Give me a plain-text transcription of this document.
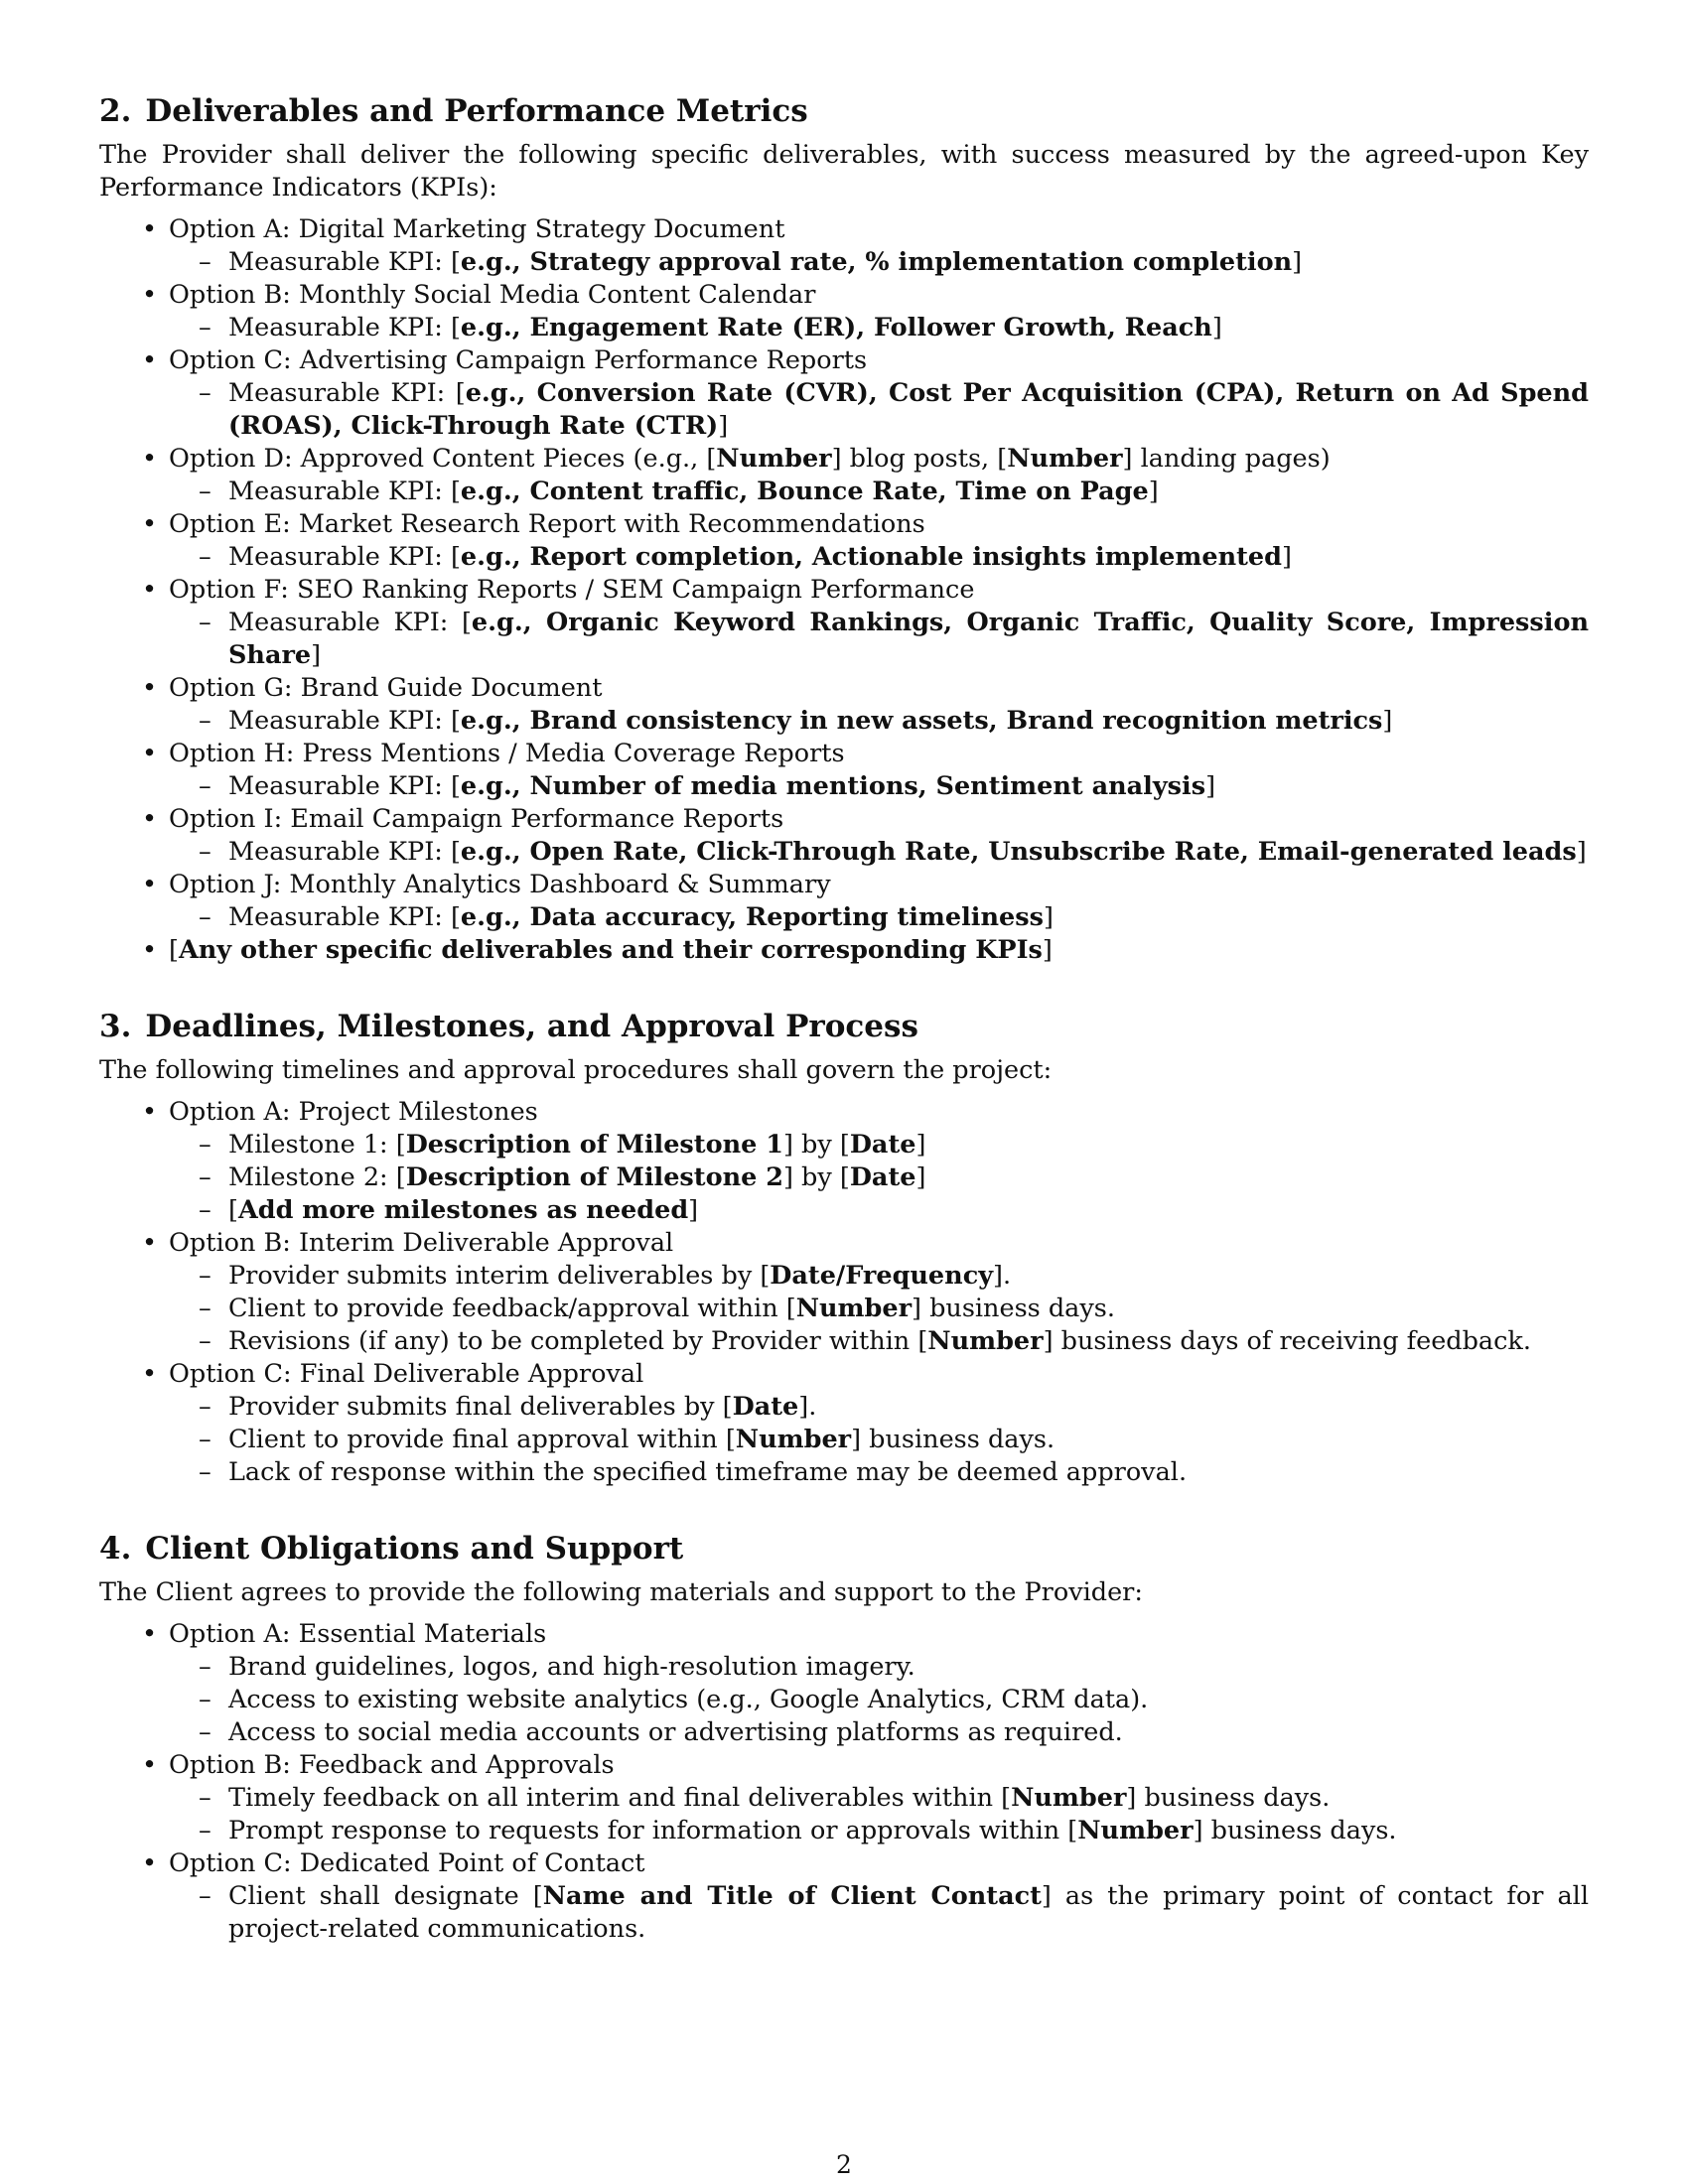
2. Deliverables and Performance Metrics

The Provider shall deliver the following specific deliverables, with success measured by the agreed-upon Key Performance Indicators (KPIs):

• Option A: Digital Marketing Strategy Document
– Measurable KPI: [e.g., Strategy approval rate, % implementation completion]
• Option B: Monthly Social Media Content Calendar
– Measurable KPI: [e.g., Engagement Rate (ER), Follower Growth, Reach]
• Option C: Advertising Campaign Performance Reports
– Measurable KPI: [e.g., Conversion Rate (CVR), Cost Per Acquisition (CPA), Return on Ad Spend (ROAS), Click-Through Rate (CTR)]
• Option D: Approved Content Pieces (e.g., [Number] blog posts, [Number] landing pages)
– Measurable KPI: [e.g., Content traffic, Bounce Rate, Time on Page]
• Option E: Market Research Report with Recommendations
– Measurable KPI: [e.g., Report completion, Actionable insights implemented]
• Option F: SEO Ranking Reports / SEM Campaign Performance
– Measurable KPI: [e.g., Organic Keyword Rankings, Organic Traffic, Quality Score, Impression Share]
• Option G: Brand Guide Document
– Measurable KPI: [e.g., Brand consistency in new assets, Brand recognition metrics]
• Option H: Press Mentions / Media Coverage Reports
– Measurable KPI: [e.g., Number of media mentions, Sentiment analysis]
• Option I: Email Campaign Performance Reports
– Measurable KPI: [e.g., Open Rate, Click-Through Rate, Unsubscribe Rate, Email-generated leads]
• Option J: Monthly Analytics Dashboard & Summary
– Measurable KPI: [e.g., Data accuracy, Reporting timeliness]
• [Any other specific deliverables and their corresponding KPIs]
3. Deadlines, Milestones, and Approval Process

The following timelines and approval procedures shall govern the project:

• Option A: Project Milestones
– Milestone 1: [Description of Milestone 1] by [Date]
– Milestone 2: [Description of Milestone 2] by [Date]
– [Add more milestones as needed]
• Option B: Interim Deliverable Approval
– Provider submits interim deliverables by [Date/Frequency].
– Client to provide feedback/approval within [Number] business days.
– Revisions (if any) to be completed by Provider within [Number] business days of receiving feedback.
• Option C: Final Deliverable Approval
– Provider submits final deliverables by [Date].
– Client to provide final approval within [Number] business days.
– Lack of response within the specified timeframe may be deemed approval.
4. Client Obligations and Support

The Client agrees to provide the following materials and support to the Provider:

• Option A: Essential Materials
– Brand guidelines, logos, and high-resolution imagery.
– Access to existing website analytics (e.g., Google Analytics, CRM data).
– Access to social media accounts or advertising platforms as required.
• Option B: Feedback and Approvals
– Timely feedback on all interim and final deliverables within [Number] business days.
– Prompt response to requests for information or approvals within [Number] business days.
• Option C: Dedicated Point of Contact
– Client shall designate [Name and Title of Client Contact] as the primary point of contact for all project-related communications.
2
